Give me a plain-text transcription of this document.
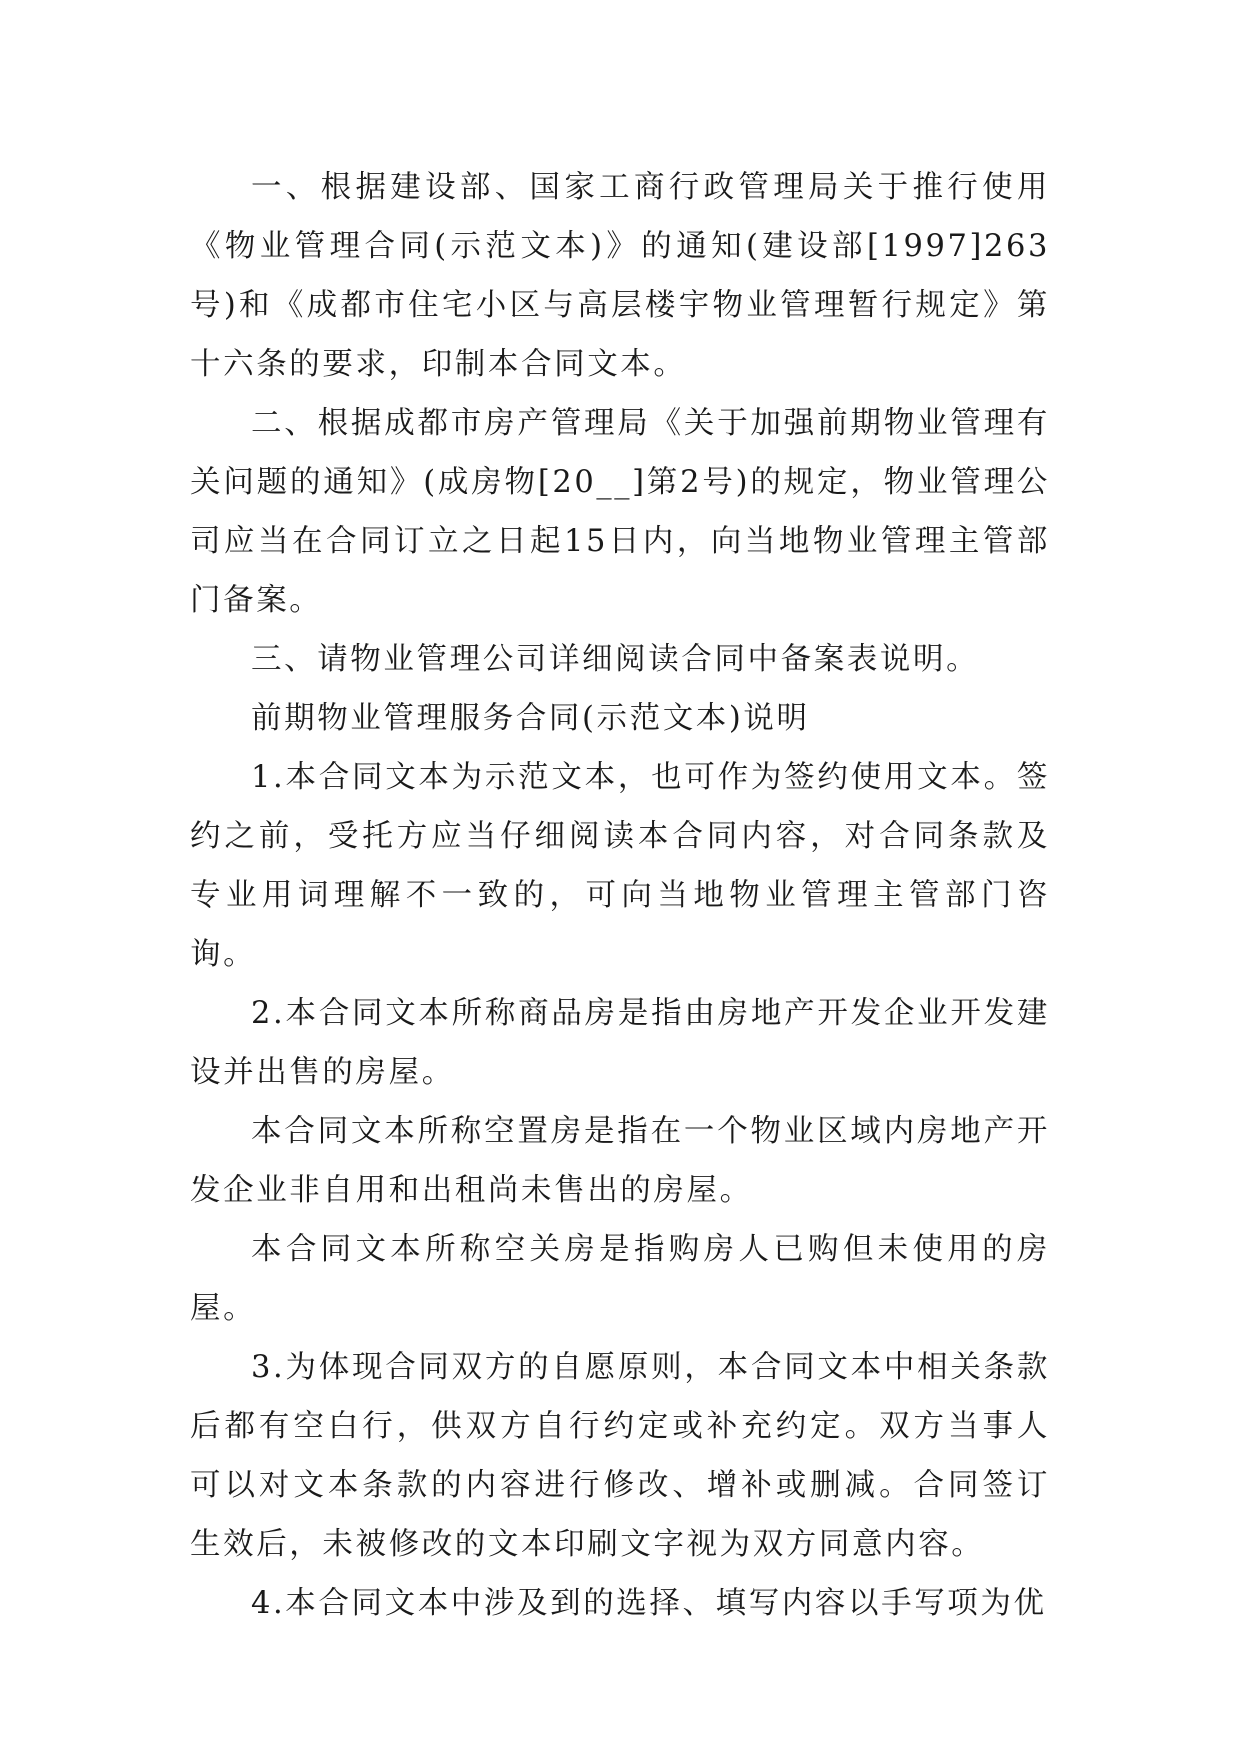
一、根据建设部、国家工商行政管理局关于推行使用《物业管理合同(示范文本)》的通知(建设部[1997]263号)和《成都市住宅小区与高层楼宇物业管理暂行规定》第十六条的要求，印制本合同文本。

二、根据成都市房产管理局《关于加强前期物业管理有关问题的通知》(成房物[20__]第2号)的规定，物业管理公司应当在合同订立之日起15日内，向当地物业管理主管部门备案。

三、请物业管理公司详细阅读合同中备案表说明。

前期物业管理服务合同(示范文本)说明

1.本合同文本为示范文本，也可作为签约使用文本。签约之前，受托方应当仔细阅读本合同内容，对合同条款及专业用词理解不一致的，可向当地物业管理主管部门咨询。

2.本合同文本所称商品房是指由房地产开发企业开发建设并出售的房屋。

本合同文本所称空置房是指在一个物业区域内房地产开发企业非自用和出租尚未售出的房屋。

本合同文本所称空关房是指购房人已购但未使用的房屋。

3.为体现合同双方的自愿原则，本合同文本中相关条款后都有空白行，供双方自行约定或补充约定。双方当事人可以对文本条款的内容进行修改、增补或删减。合同签订生效后，未被修改的文本印刷文字视为双方同意内容。

4.本合同文本中涉及到的选择、填写内容以手写项为优
